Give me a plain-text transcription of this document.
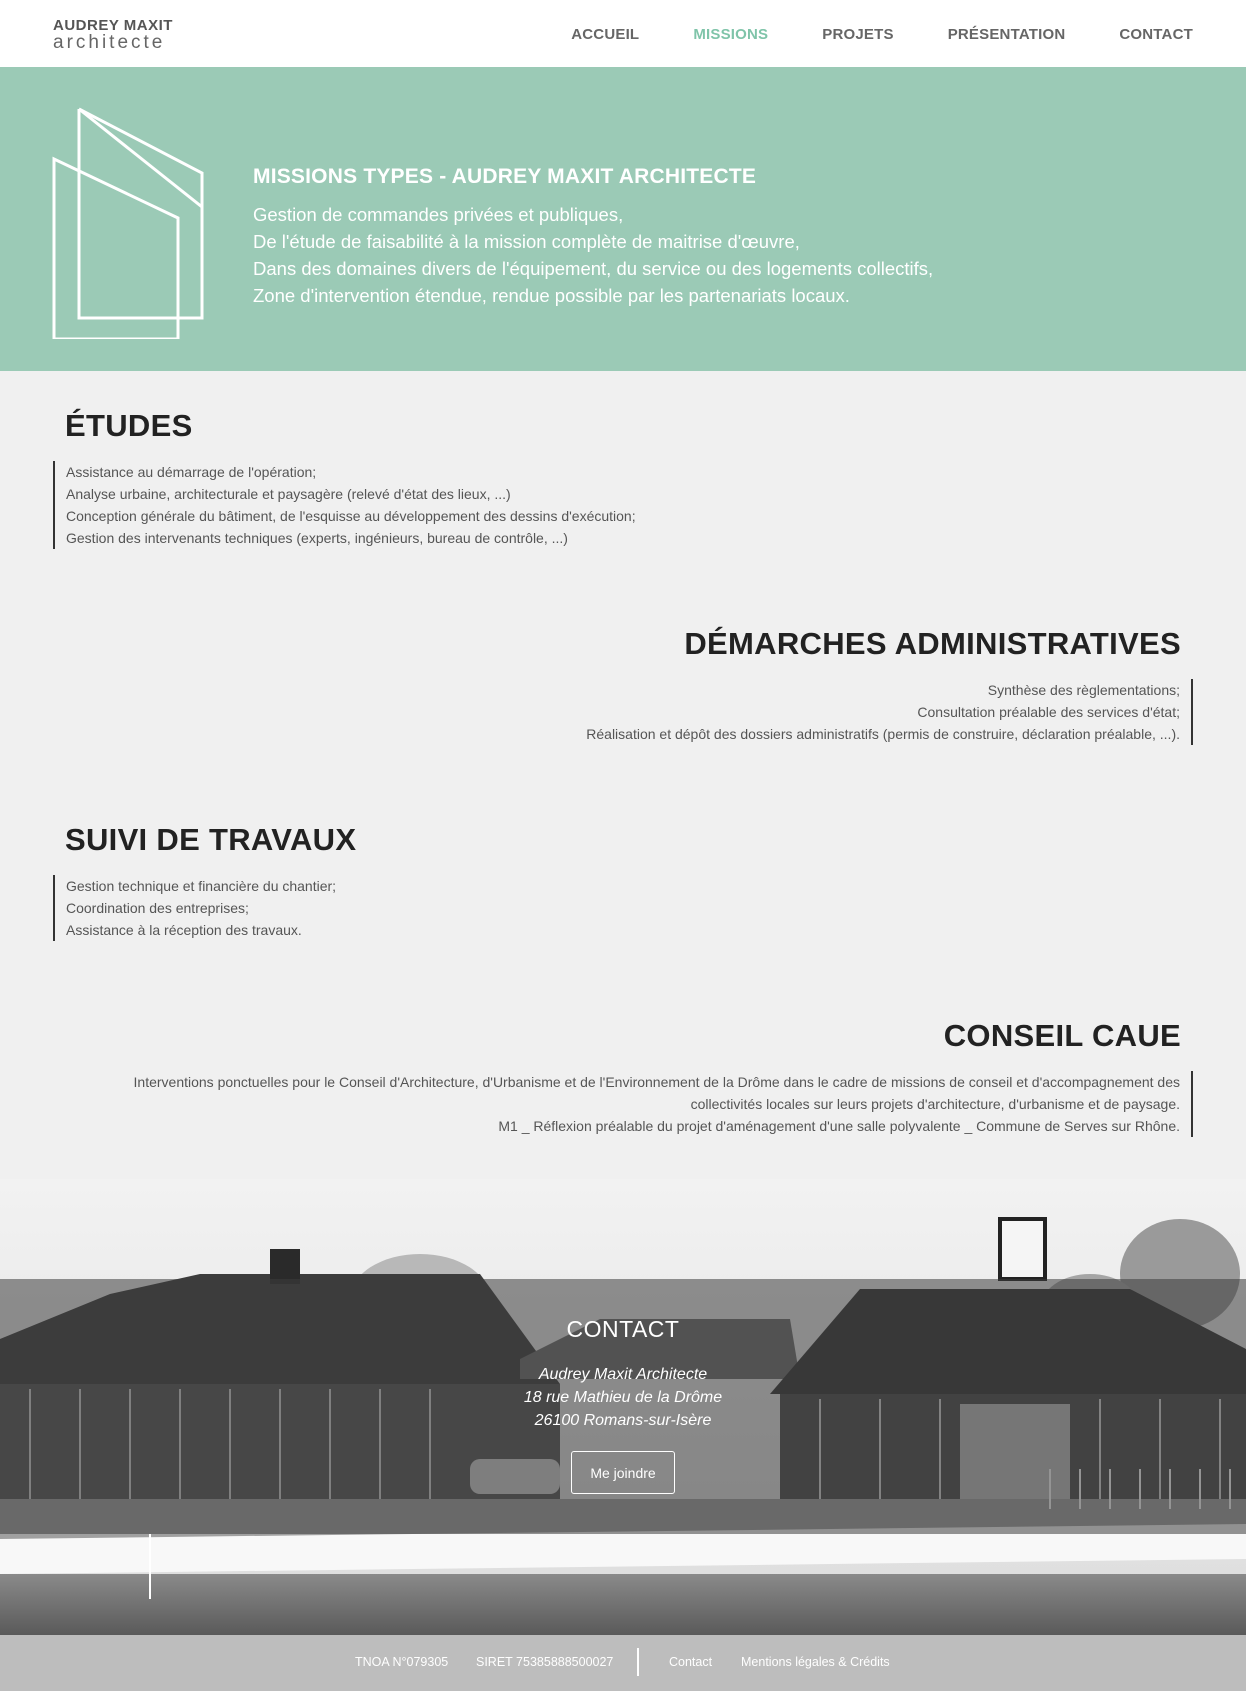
AUDREY MAXIT
architecte	ACCUEIL	MISSIONS	PROJETS	PRÉSENTATION	CONTACT
MISSIONS TYPES - AUDREY MAXIT ARCHITECTE
Gestion de commandes privées et publiques,
De l'étude de faisabilité à la mission complète de maitrise d'œuvre,
Dans des domaines divers de l'équipement, du service ou des logements collectifs,
Zone d'intervention étendue, rendue possible par les partenariats locaux.
ÉTUDES
Assistance au démarrage de l'opération;
Analyse urbaine, architecturale et paysagère (relevé d'état des lieux, ...)
Conception générale du bâtiment, de l'esquisse au développement des dessins d'exécution;
Gestion des intervenants techniques (experts, ingénieurs, bureau de contrôle, ...)
DÉMARCHES ADMINISTRATIVES
Synthèse des règlementations;
Consultation préalable des services d'état;
Réalisation et dépôt des dossiers administratifs (permis de construire, déclaration préalable, ...).
SUIVI DE TRAVAUX
Gestion technique et financière du chantier;
Coordination des entreprises;
Assistance à la réception des travaux.
CONSEIL CAUE
Interventions ponctuelles pour le Conseil d'Architecture, d'Urbanisme et de l'Environnement de la Drôme dans le cadre de missions de conseil et d'accompagnement des
collectivités locales sur leurs projets d'architecture, d'urbanisme et de paysage.
M1 _ Réflexion préalable du projet d'aménagement d'une salle polyvalente _ Commune de Serves sur Rhône.
CONTACT
Audrey Maxit Architecte
18 rue Mathieu de la Drôme
26100 Romans-sur-Isère
Me joindre
TNOA N°079305 SIRET 75385888500027	Contact Mentions légales & Crédits
